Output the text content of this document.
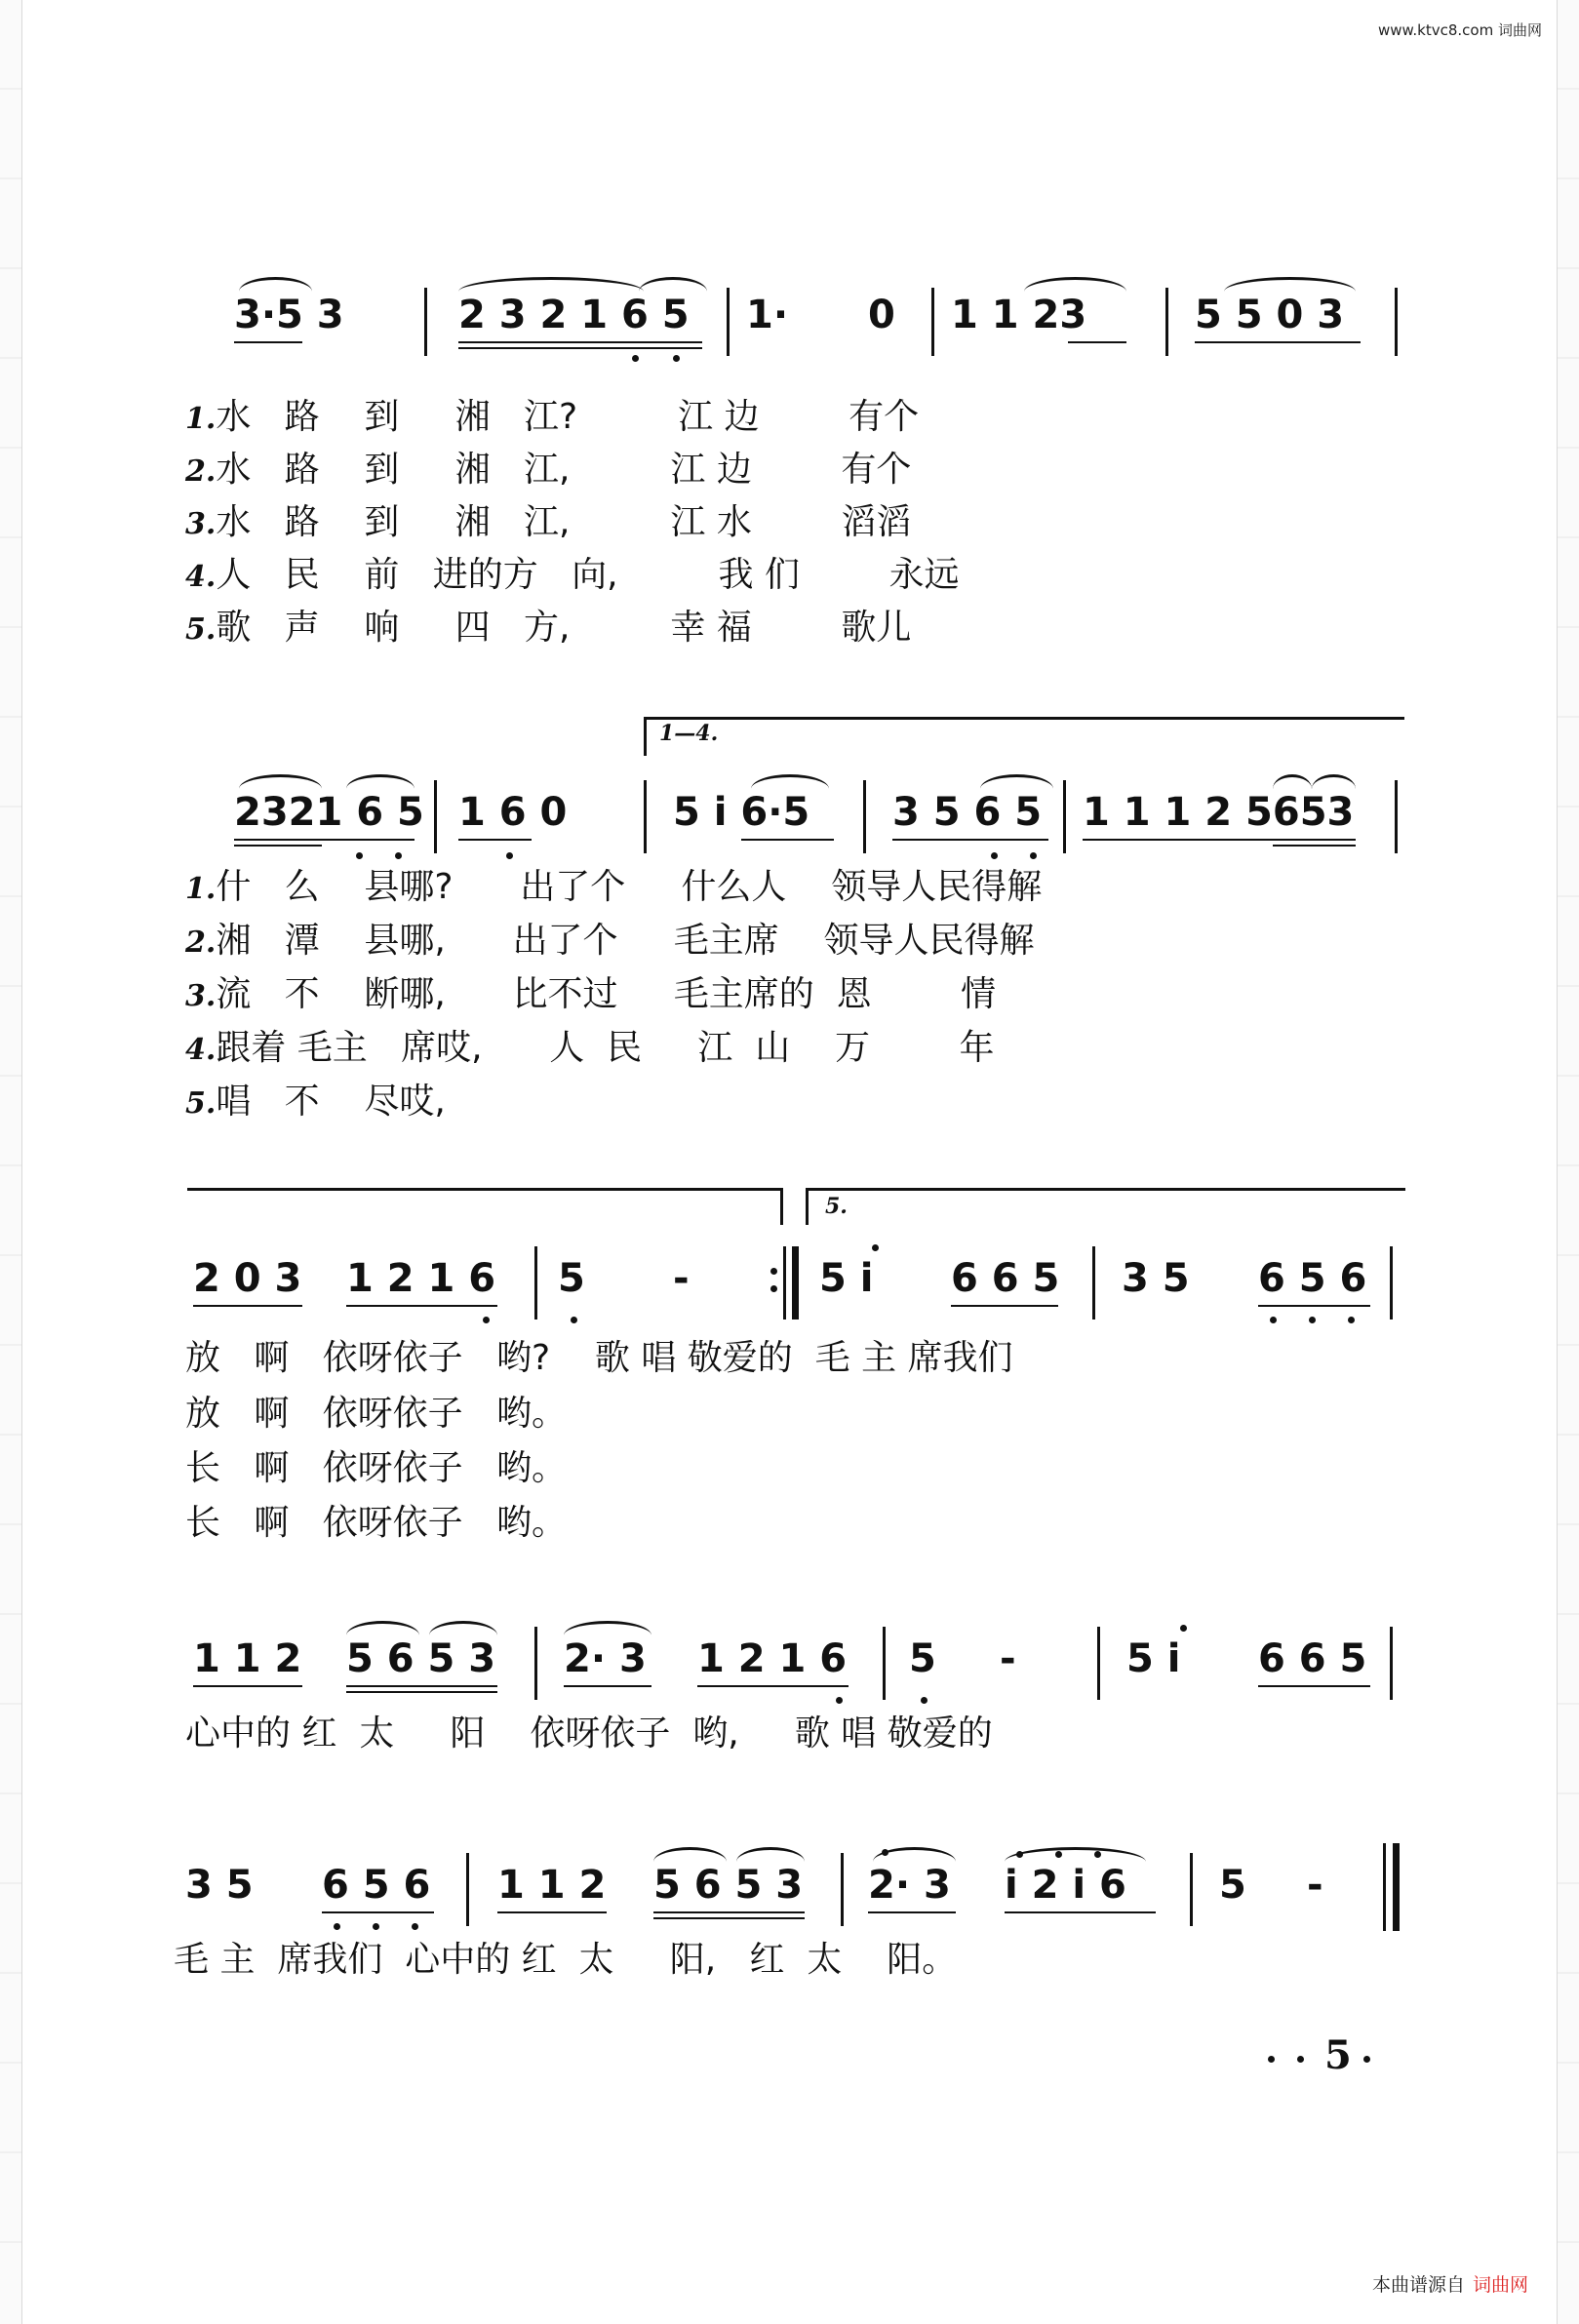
www.ktvc8.com 词曲网
3·5 3	2 3 2 1 6 5 1· 0 1 1 23	5 5 0 3
1.水   路    到     湘   江?         江 边        有个
2.水   路    到     湘   江,         江 边        有个
3.水   路    到     湘   江,         江 水        滔滔
4.人   民    前   进的方   向,         我 们        永远
5.歌   声    响     四   方,         幸 福        歌儿
1—4.
2321 6 5 1 6 0	5 i 6·5 3 5 6 5 1 1 1 2 5653
1.什   么    县哪?      出了个     什么人    领导人民得解
2.湘   潭    县哪,      出了个     毛主席    领导人民得解
3.流   不    断哪,      比不过     毛主席的  恩        情
4.跟着 毛主   席哎,      人  民     江  山    万        年
5.唱   不    尽哎,
5.
2 0 3 1 2 1 6 5 -	5 i 6 6 5 3 5 6 5 6
放   啊   依呀依子   哟?    歌 唱 敬爱的  毛 主 席我们
放   啊   依呀依子   哟。
长   啊   依呀依子   哟。
长   啊   依呀依子   哟。
1 1 2 5 6 5 3 2· 3 1 2 1 6 5 -	5 i 6 6 5
心中的 红  太     阳    依呀依子  哟,     歌 唱 敬爱的
3 5 6 5 6 1 1 2 5 6 5 3 2· 3 i 2 i 6 5 -
毛 主  席我们  心中的 红  太     阳,   红  太    阳。
5
本曲谱源自 词曲网
